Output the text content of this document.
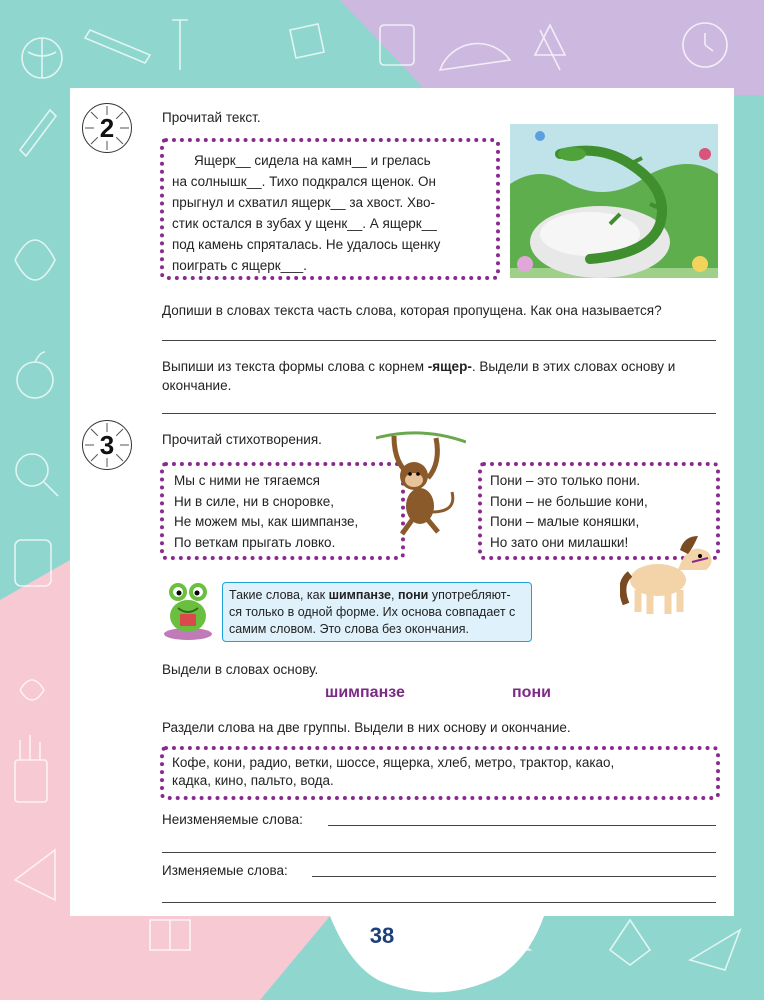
2	Прочитай текст.
Ящерк__ сидела на камн__ и грелась
на солнышк__. Тихо подкрался щенок. Он
прыгнул и схватил ящерк__ за хвост. Хво-
стик остался в зубах у щенк__. А ящерк__
под камень спряталась. Не удалось щенку
поиграть с ящерк___.
Допиши в словах текста часть слова, которая пропущена. Как она называется?
Выпиши из текста формы слова с корнем -ящер-. Выдели в этих словах основу и
окончание.
3	Прочитай стихотворения.
Мы с ними не тягаемся
Ни в силе, ни в сноровке,
Не можем мы, как шимпанзе,
По веткам прыгать ловко.
Пони – это только пони.
Пони – не большие кони,
Пони – малые коняшки,
Но зато они милашки!

Такие слова, как шимпанзе, пони употребляют-
ся только в одной форме. Их основа совпадает с
самим словом. Это слова без окончания.

Выдели в словах основу.
шимпанзе	пони
Раздели слова на две группы. Выдели в них основу и окончание.
Кофе, кони, радио, ветки, шоссе, ящерка, хлеб, метро, трактор, какао,
кадка, кино, пальто, вода.
Неизменяемые слова:
Изменяемые слова:
38
